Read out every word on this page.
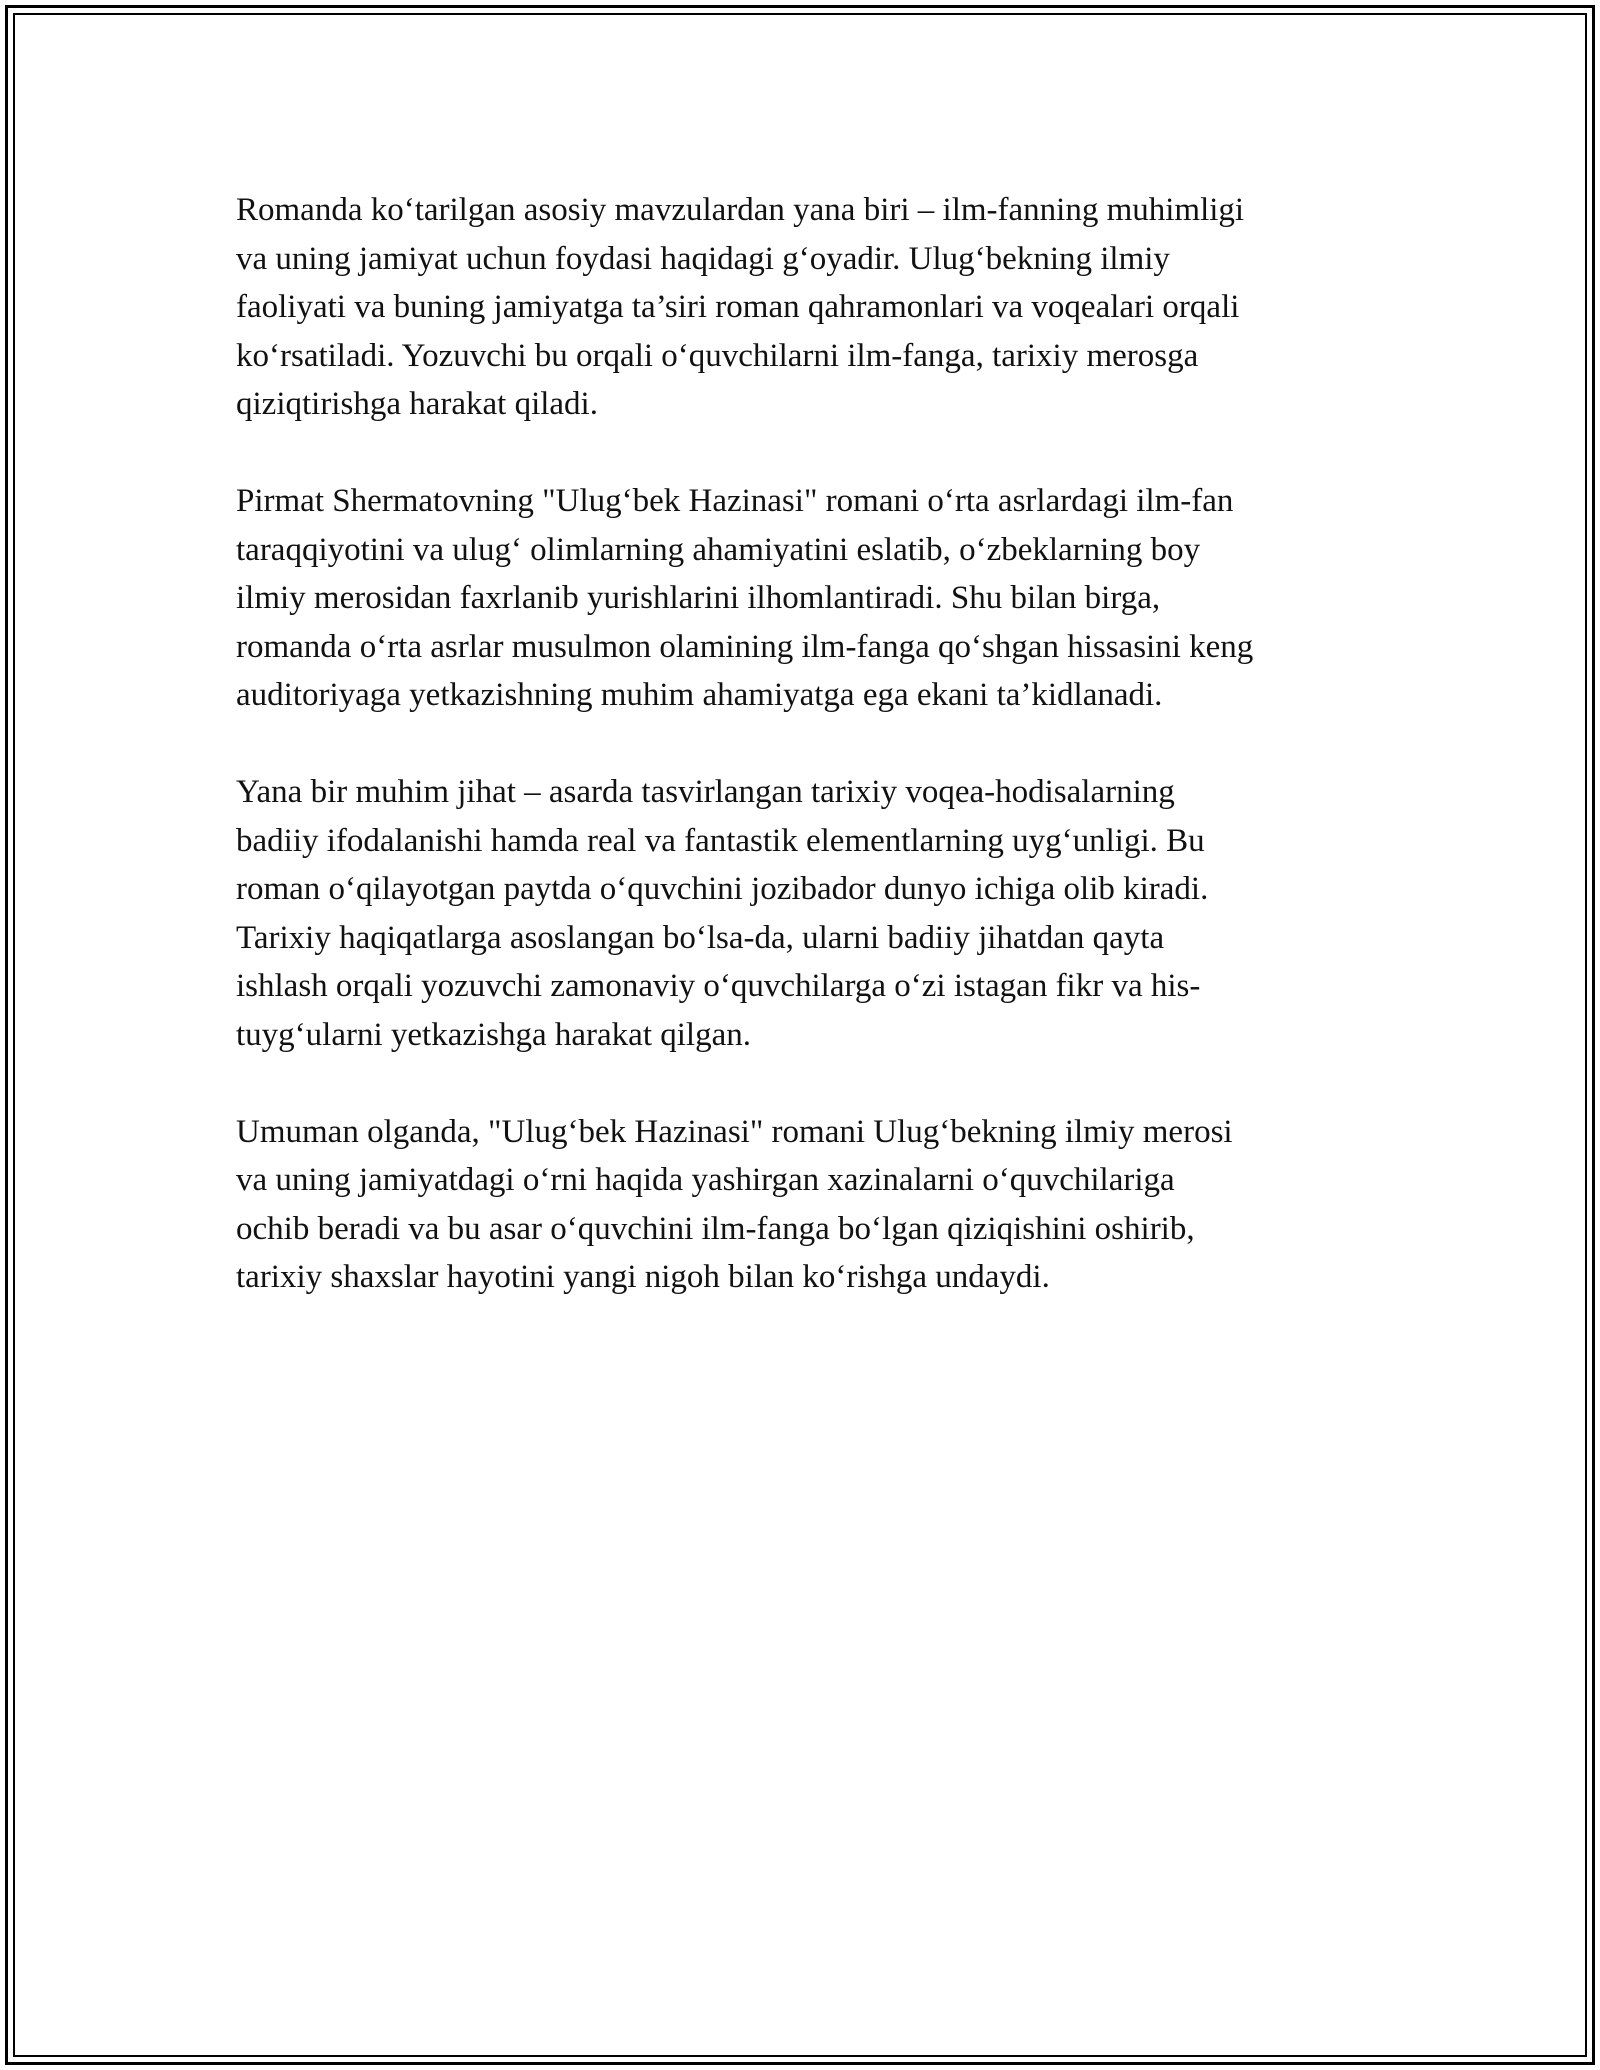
Romanda ko‘tarilgan asosiy mavzulardan yana biri – ilm-fanning muhimligi
va uning jamiyat uchun foydasi haqidagi g‘oyadir. Ulug‘bekning ilmiy
faoliyati va buning jamiyatga ta’siri roman qahramonlari va voqealari orqali
ko‘rsatiladi. Yozuvchi bu orqali o‘quvchilarni ilm-fanga, tarixiy merosga
qiziqtirishga harakat qiladi.

Pirmat Shermatovning "Ulug‘bek Hazinasi" romani o‘rta asrlardagi ilm-fan
taraqqiyotini va ulug‘ olimlarning ahamiyatini eslatib, o‘zbeklarning boy
ilmiy merosidan faxrlanib yurishlarini ilhomlantiradi. Shu bilan birga,
romanda o‘rta asrlar musulmon olamining ilm-fanga qo‘shgan hissasini keng
auditoriyaga yetkazishning muhim ahamiyatga ega ekani ta’kidlanadi.

Yana bir muhim jihat – asarda tasvirlangan tarixiy voqea-hodisalarning
badiiy ifodalanishi hamda real va fantastik elementlarning uyg‘unligi. Bu
roman o‘qilayotgan paytda o‘quvchini jozibador dunyo ichiga olib kiradi.
Tarixiy haqiqatlarga asoslangan bo‘lsa-da, ularni badiiy jihatdan qayta
ishlash orqali yozuvchi zamonaviy o‘quvchilarga o‘zi istagan fikr va his-
tuyg‘ularni yetkazishga harakat qilgan.

Umuman olganda, "Ulug‘bek Hazinasi" romani Ulug‘bekning ilmiy merosi
va uning jamiyatdagi o‘rni haqida yashirgan xazinalarni o‘quvchilariga
ochib beradi va bu asar o‘quvchini ilm-fanga bo‘lgan qiziqishini oshirib,
tarixiy shaxslar hayotini yangi nigoh bilan ko‘rishga undaydi.
